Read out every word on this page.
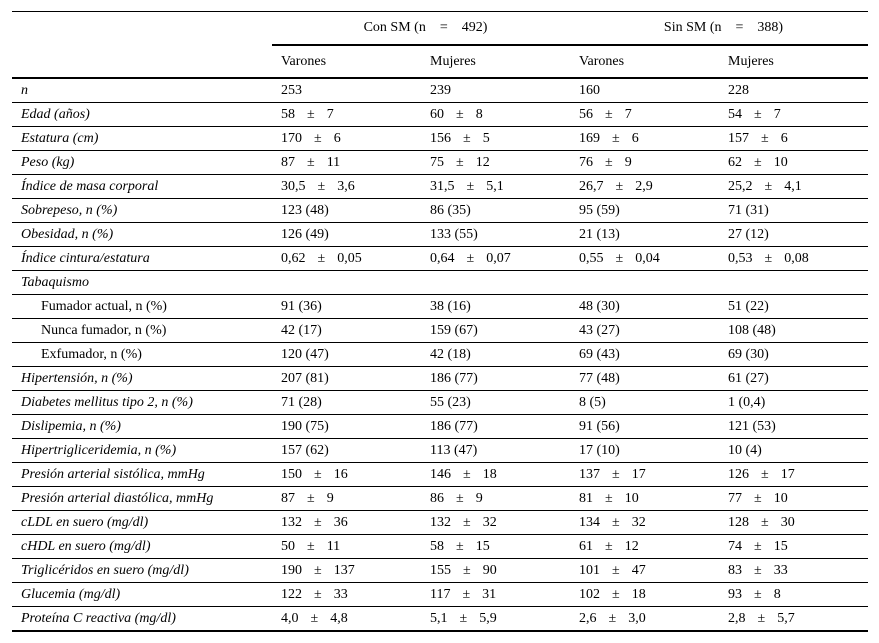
	Con SM (n    =    492)		Sin SM (n    =    388)	
	Varones	Mujeres	Varones	Mujeres
n	253	239	160	228
Edad (años)	58 ± 7	60 ± 8	56 ± 7	54 ± 7
Estatura (cm)	170 ± 6	156 ± 5	169 ± 6	157 ± 6
Peso (kg)	87 ± 11	75 ± 12	76 ± 9	62 ± 10
Índice de masa corporal	30,5 ± 3,6	31,5 ± 5,1	26,7 ± 2,9	25,2 ± 4,1
Sobrepeso, n (%)	123 (48)	86 (35)	95 (59)	71 (31)
Obesidad, n (%)	126 (49)	133 (55)	21 (13)	27 (12)
Índice cintura/estatura	0,62 ± 0,05	0,64 ± 0,07	0,55 ± 0,04	0,53 ± 0,08
Tabaquismo				
Fumador actual, n (%)	91 (36)	38 (16)	48 (30)	51 (22)
Nunca fumador, n (%)	42 (17)	159 (67)	43 (27)	108 (48)
Exfumador, n (%)	120 (47)	42 (18)	69 (43)	69 (30)
Hipertensión, n (%)	207 (81)	186 (77)	77 (48)	61 (27)
Diabetes mellitus tipo 2, n (%)	71 (28)	55 (23)	8 (5)	1 (0,4)
Dislipemia, n (%)	190 (75)	186 (77)	91 (56)	121 (53)
Hipertrigliceridemia, n (%)	157 (62)	113 (47)	17 (10)	10 (4)
Presión arterial sistólica, mmHg	150 ± 16	146 ± 18	137 ± 17	126 ± 17
Presión arterial diastólica, mmHg	87 ± 9	86 ± 9	81 ± 10	77 ± 10
cLDL en suero (mg/dl)	132 ± 36	132 ± 32	134 ± 32	128 ± 30
cHDL en suero (mg/dl)	50 ± 11	58 ± 15	61 ± 12	74 ± 15
Triglicéridos en suero (mg/dl)	190 ± 137	155 ± 90	101 ± 47	83 ± 33
Glucemia (mg/dl)	122 ± 33	117 ± 31	102 ± 18	93 ± 8
Proteína C reactiva (mg/dl)	4,0 ± 4,8	5,1 ± 5,9	2,6 ± 3,0	2,8 ± 5,7
